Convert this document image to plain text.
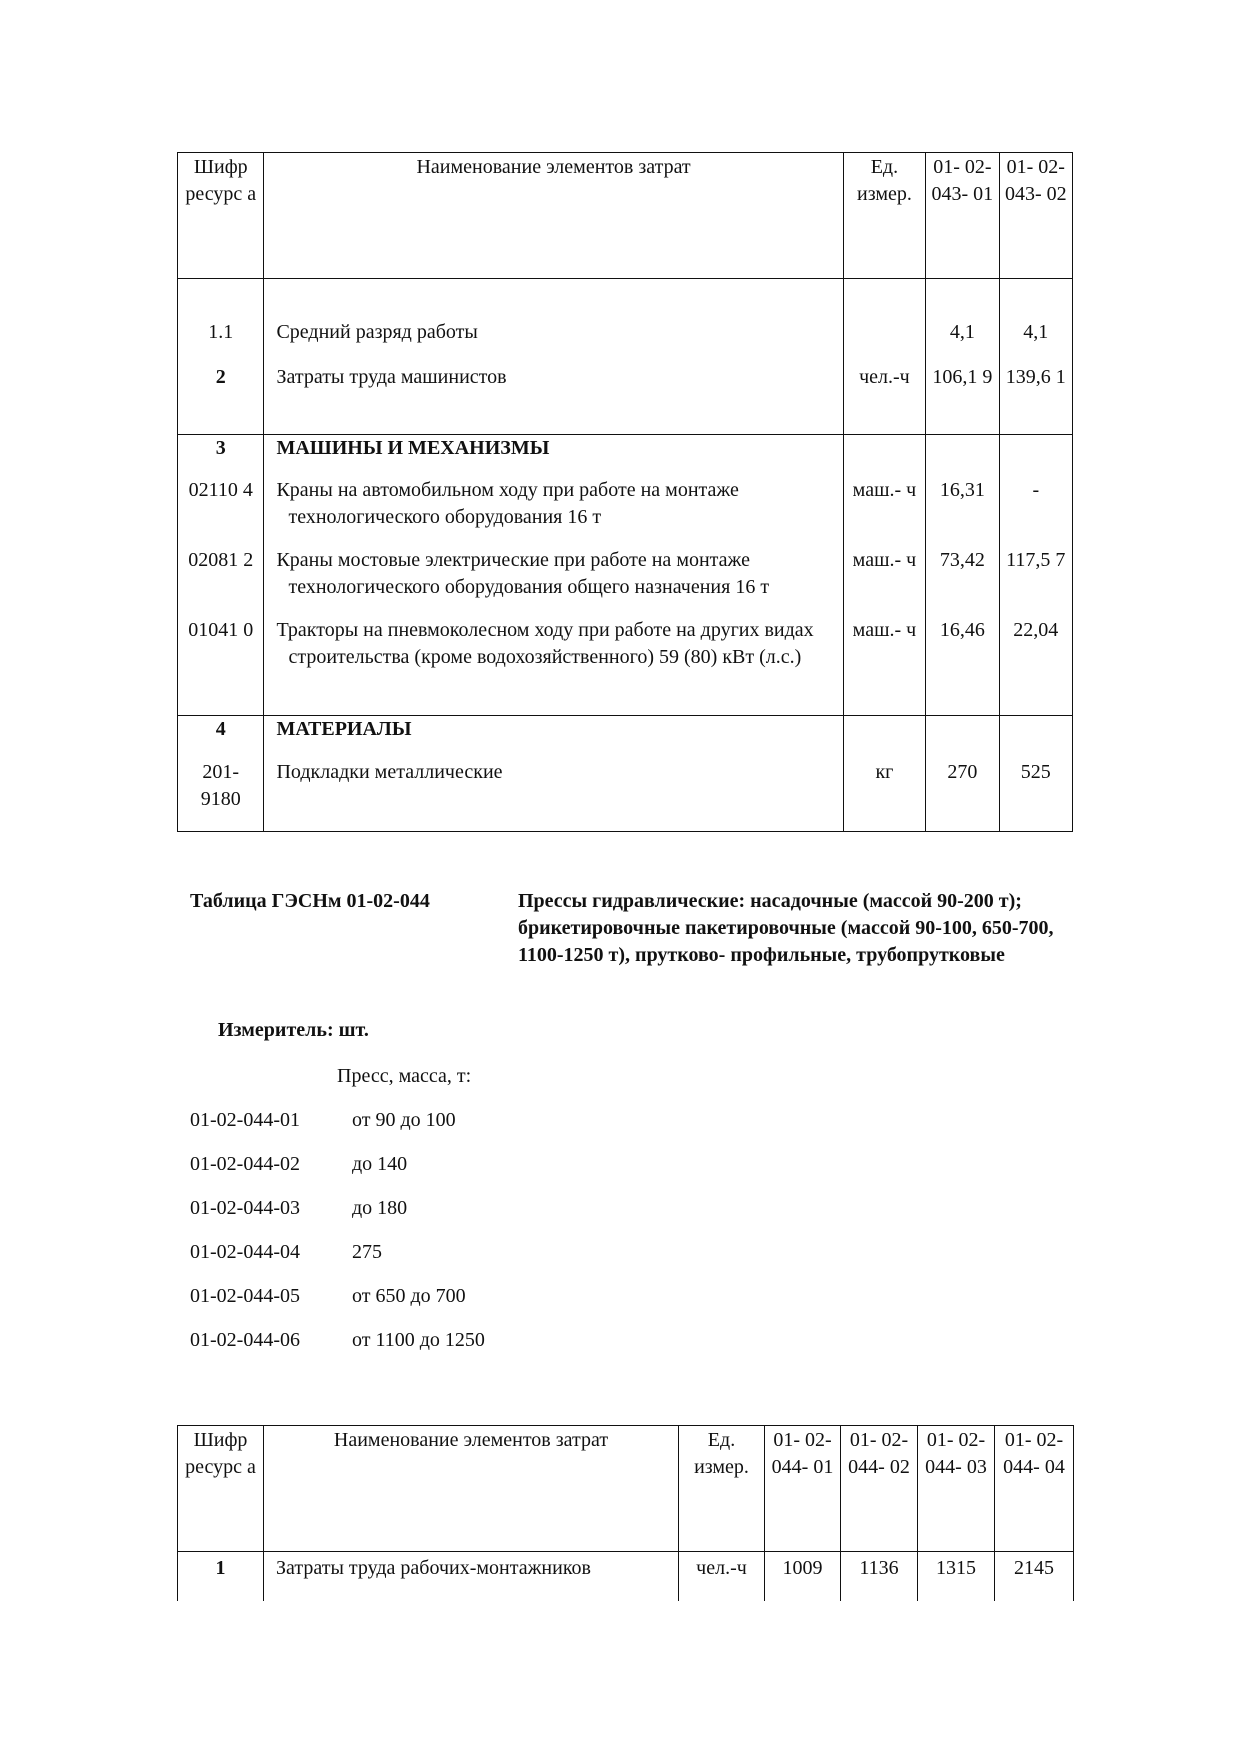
Шифр ресурс а	Наименование элементов затрат	Ед. измер.	01- 02- 043- 01	01- 02- 043- 02

1.1	Средний разряд работы		4,1	4,1
2	Затраты труда машинистов	чел.-ч	106,1 9	139,6 1
3	МАШИНЫ И МЕХАНИЗМЫ			
02110 4	Краны на автомобильном ходу при работе на монтаже технологического оборудования 16 т	маш.- ч	16,31	-
02081 2	Краны мостовые электрические при работе на монтаже технологического оборудования общего назначения 16 т	маш.- ч	73,42	117,5 7
01041 0	Тракторы на пневмоколесном ходу при работе на других видах строительства (кроме водохозяйственного) 59 (80) кВт (л.с.)	маш.- ч	16,46	22,04
4	МАТЕРИАЛЫ			
201- 9180	Подкладки металлические	кг	270	525
Таблица ГЭСНм 01-02-044	Прессы гидравлические: насадочные (массой 90-200 т); брикетировочные пакетировочные (массой 90-100, 650-700, 1100-1250 т), прутково- профильные, трубопрутковые
Измеритель: шт.
Пресс, масса, т:
01-02-044-01	от 90 до 100
01-02-044-02	до 140
01-02-044-03	до 180
01-02-044-04	275
01-02-044-05	от 650 до 700
01-02-044-06	от 1100 до 1250
Шифр ресурс а	Наименование элементов затрат	Ед. измер.	01- 02- 044- 01	01- 02- 044- 02	01- 02- 044- 03	01- 02- 044- 04
1	Затраты труда рабочих-монтажников	чел.-ч	1009	1136	1315	2145
